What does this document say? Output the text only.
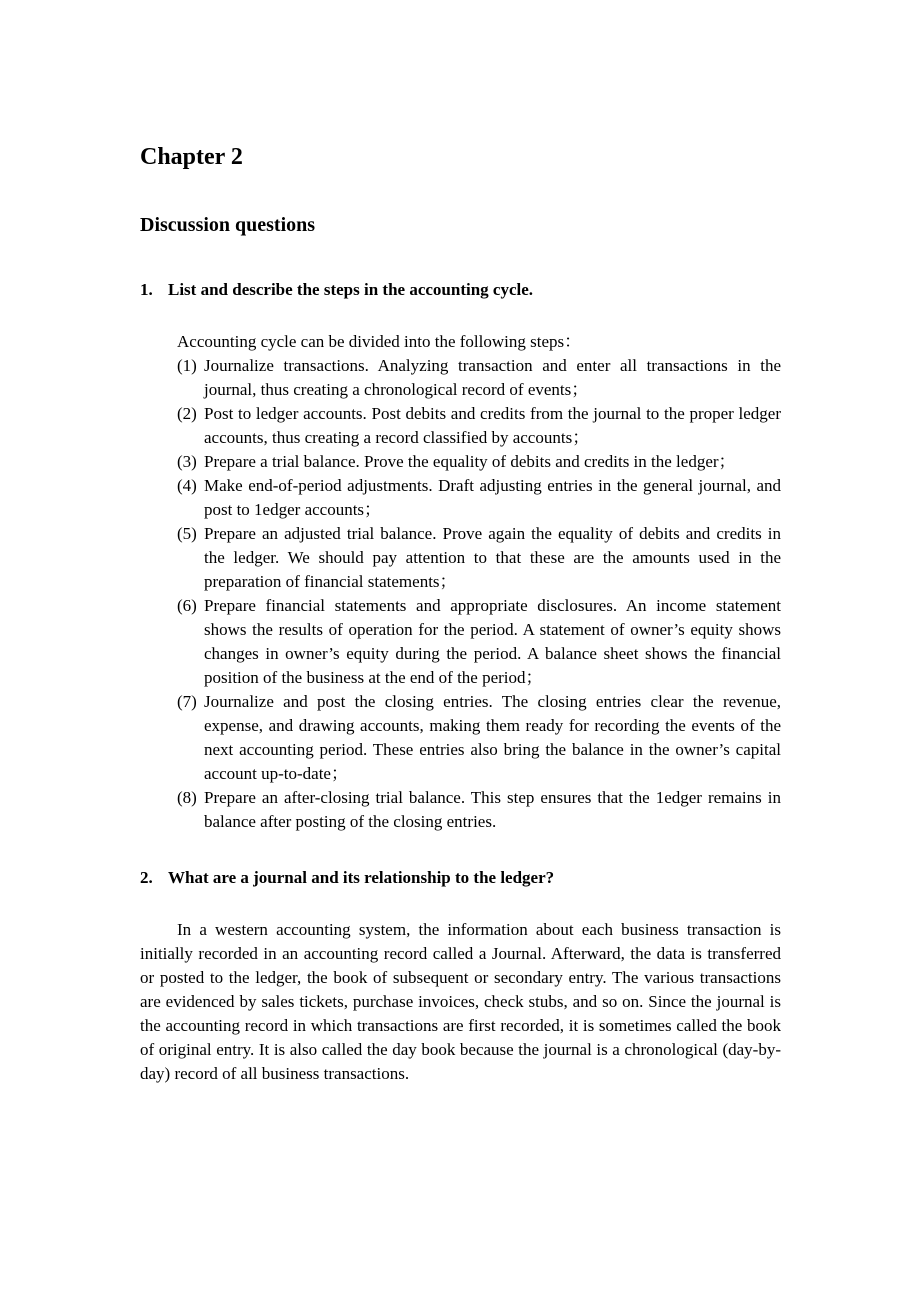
Chapter 2
Discussion questions
1. List and describe the steps in the accounting cycle.

Accounting cycle can be divided into the following steps：

(1) Journalize transactions. Analyzing transaction and enter all transactions in the journal, thus creating a chronological record of events；
(2) Post to ledger accounts. Post debits and credits from the journal to the proper ledger accounts, thus creating a record classified by accounts；
(3) Prepare a trial balance. Prove the equality of debits and credits in the ledger；
(4) Make end-of-period adjustments. Draft adjusting entries in the general journal, and post to 1edger accounts；
(5) Prepare an adjusted trial balance. Prove again the equality of debits and credits in the ledger. We should pay attention to that these are the amounts used in the preparation of financial statements；
(6) Prepare financial statements and appropriate disclosures. An income statement shows the results of operation for the period. A statement of owner’s equity shows changes in owner’s equity during the period. A balance sheet shows the financial position of the business at the end of the period；
(7) Journalize and post the closing entries. The closing entries clear the revenue, expense, and drawing accounts, making them ready for recording the events of the next accounting period. These entries also bring the balance in the owner’s capital account up-to-date；
(8) Prepare an after-closing trial balance. This step ensures that the 1edger remains in balance after posting of the closing entries.
2. What are a journal and its relationship to the ledger?

In a western accounting system, the information about each business transaction is initially recorded in an accounting record called a Journal. Afterward, the data is transferred or posted to the ledger, the book of subsequent or secondary entry. The various transactions are evidenced by sales tickets, purchase invoices, check stubs, and so on. Since the journal is the accounting record in which transactions are first recorded, it is sometimes called the book of original entry. It is also called the day book because the journal is a chronological (day-by-day) record of all business transactions.
